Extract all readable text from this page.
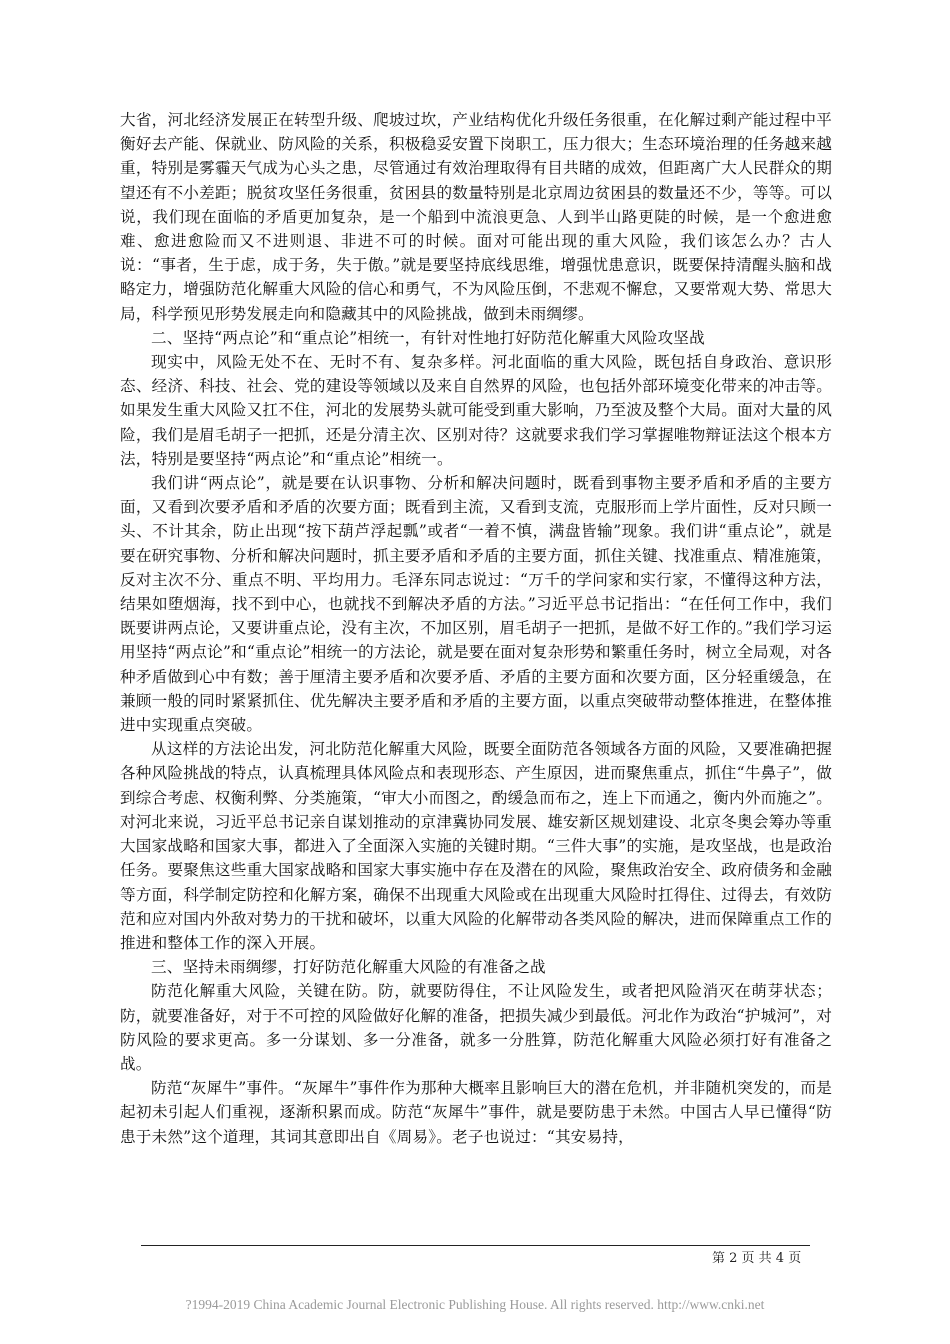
大省，河北经济发展正在转型升级、爬坡过坎，产业结构优化升级任务很重，在化解过剩产能过程中平衡好去产能、保就业、防风险的关系，积极稳妥安置下岗职工，压力很大；生态环境治理的任务越来越重，特别是雾霾天气成为心头之患，尽管通过有效治理取得有目共睹的成效，但距离广大人民群众的期望还有不小差距；脱贫攻坚任务很重，贫困县的数量特别是北京周边贫困县的数量还不少，等等。可以说，我们现在面临的矛盾更加复杂，是一个船到中流浪更急、人到半山路更陡的时候，是一个愈进愈难、愈进愈险而又不进则退、非进不可的时候。面对可能出现的重大风险，我们该怎么办？古人说：“事者，生于虑，成于务，失于傲。”就是要坚持底线思维，增强忧患意识，既要保持清醒头脑和战略定力，增强防范化解重大风险的信心和勇气，不为风险压倒，不悲观不懈怠，又要常观大势、常思大局，科学预见形势发展走向和隐藏其中的风险挑战，做到未雨绸缪。

二、坚持“两点论”和“重点论”相统一，有针对性地打好防范化解重大风险攻坚战

现实中，风险无处不在、无时不有、复杂多样。河北面临的重大风险，既包括自身政治、意识形态、经济、科技、社会、党的建设等领域以及来自自然界的风险，也包括外部环境变化带来的冲击等。如果发生重大风险又扛不住，河北的发展势头就可能受到重大影响，乃至波及整个大局。面对大量的风险，我们是眉毛胡子一把抓，还是分清主次、区别对待？这就要求我们学习掌握唯物辩证法这个根本方法，特别是要坚持“两点论”和“重点论”相统一。

我们讲“两点论”，就是要在认识事物、分析和解决问题时，既看到事物主要矛盾和矛盾的主要方面，又看到次要矛盾和矛盾的次要方面；既看到主流，又看到支流，克服形而上学片面性，反对只顾一头、不计其余，防止出现“按下葫芦浮起瓢”或者“一着不慎，满盘皆输”现象。我们讲“重点论”，就是要在研究事物、分析和解决问题时，抓主要矛盾和矛盾的主要方面，抓住关键、找准重点、精准施策，反对主次不分、重点不明、平均用力。毛泽东同志说过：“万千的学问家和实行家，不懂得这种方法，结果如堕烟海，找不到中心，也就找不到解决矛盾的方法。”习近平总书记指出：“在任何工作中，我们既要讲两点论，又要讲重点论，没有主次，不加区别，眉毛胡子一把抓，是做不好工作的。”我们学习运用坚持“两点论”和“重点论”相统一的方法论，就是要在面对复杂形势和繁重任务时，树立全局观，对各种矛盾做到心中有数；善于厘清主要矛盾和次要矛盾、矛盾的主要方面和次要方面，区分轻重缓急，在兼顾一般的同时紧紧抓住、优先解决主要矛盾和矛盾的主要方面，以重点突破带动整体推进，在整体推进中实现重点突破。

从这样的方法论出发，河北防范化解重大风险，既要全面防范各领域各方面的风险，又要准确把握各种风险挑战的特点，认真梳理具体风险点和表现形态、产生原因，进而聚焦重点，抓住“牛鼻子”，做到综合考虑、权衡利弊、分类施策，“审大小而图之，酌缓急而布之，连上下而通之，衡内外而施之”。对河北来说，习近平总书记亲自谋划推动的京津冀协同发展、雄安新区规划建设、北京冬奥会筹办等重大国家战略和国家大事，都进入了全面深入实施的关键时期。“三件大事”的实施，是攻坚战，也是政治任务。要聚焦这些重大国家战略和国家大事实施中存在及潜在的风险，聚焦政治安全、政府债务和金融等方面，科学制定防控和化解方案，确保不出现重大风险或在出现重大风险时扛得住、过得去，有效防范和应对国内外敌对势力的干扰和破坏，以重大风险的化解带动各类风险的解决，进而保障重点工作的推进和整体工作的深入开展。

三、坚持未雨绸缪，打好防范化解重大风险的有准备之战

防范化解重大风险，关键在防。防，就要防得住，不让风险发生，或者把风险消灭在萌芽状态；防，就要准备好，对于不可控的风险做好化解的准备，把损失减少到最低。河北作为政治“护城河”，对防风险的要求更高。多一分谋划、多一分准备，就多一分胜算，防范化解重大风险必须打好有准备之战。

防范“灰犀牛”事件。“灰犀牛”事件作为那种大概率且影响巨大的潜在危机，并非随机突发的，而是起初未引起人们重视，逐渐积累而成。防范“灰犀牛”事件，就是要防患于未然。中国古人早已懂得“防患于未然”这个道理，其词其意即出自《周易》。老子也说过：“其安易持，

第 2 页 共 4 页
?1994-2019 China Academic Journal Electronic Publishing House. All rights reserved. http://www.cnki.net
